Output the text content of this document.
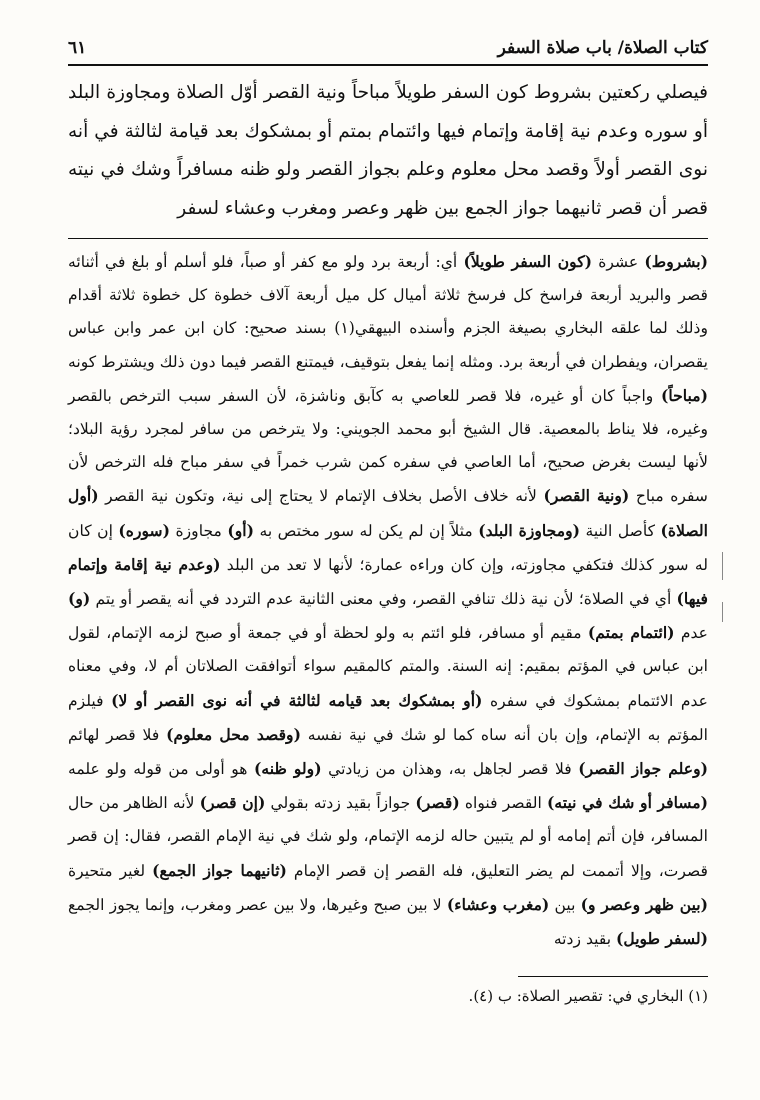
كتاب الصلاة/ باب صلاة السفر
٦١
فيصلي ركعتين بشروط كون السفر طويلاً مباحاً ونية القصر أوّل الصلاة ومجاوزة البلد أو سوره وعدم نية إقامة وإتمام فيها وائتمام بمتم أو بمشكوك بعد قيامة لثالثة في أنه نوى القصر أولاً وقصد محل معلوم وعلم بجواز القصر ولو ظنه مسافراً وشك في نيته قصر أن قصر ثانيهما جواز الجمع بين ظهر وعصر ومغرب وعشاء لسفر
(بشروط) عشرة (كون السفر طويلاً) أي: أربعة برد ولو مع كفر أو صباً، فلو أسلم أو بلغ في أثنائه قصر والبريد أربعة فراسخ كل فرسخ ثلاثة أميال كل ميل أربعة آلاف خطوة كل خطوة ثلاثة أقدام وذلك لما علقه البخاري بصيغة الجزم وأسنده البيهقي(١) بسند صحيح: كان ابن عمر وابن عباس يقصران، ويفطران في أربعة برد. ومثله إنما يفعل بتوقيف، فيمتنع القصر فيما دون ذلك ويشترط كونه (مباحاً) واجباً كان أو غيره، فلا قصر للعاصي به كآبق وناشزة، لأن السفر سبب الترخص بالقصر وغيره، فلا يناط بالمعصية. قال الشيخ أبو محمد الجويني: ولا يترخص من سافر لمجرد رؤية البلاد؛ لأنها ليست بغرض صحيح، أما العاصي في سفره كمن شرب خمراً في سفر مباح فله الترخص لأن سفره مباح (ونية القصر) لأنه خلاف الأصل بخلاف الإتمام لا يحتاج إلى نية، وتكون نية القصر (أول الصلاة) كأصل النية (ومجاوزة البلد) مثلاً إن لم يكن له سور مختص به (أو) مجاوزة (سوره) إن كان له سور كذلك فتكفي مجاوزته، وإن كان وراءه عمارة؛ لأنها لا تعد من البلد (وعدم نية إقامة وإتمام فيها) أي في الصلاة؛ لأن نية ذلك تنافي القصر، وفي معنى الثانية عدم التردد في أنه يقصر أو يتم (و) عدم (ائتمام بمتم) مقيم أو مسافر، فلو ائتم به ولو لحظة أو في جمعة أو صبح لزمه الإتمام، لقول ابن عباس في المؤتم بمقيم: إنه السنة. والمتم كالمقيم سواء أتوافقت الصلاتان أم لا، وفي معناه عدم الائتمام بمشكوك في سفره (أو بمشكوك بعد قيامه لثالثة في أنه نوى القصر أو لا) فيلزم المؤتم به الإتمام، وإن بان أنه ساه كما لو شك في نية نفسه (وقصد محل معلوم) فلا قصر لهائم (وعلم جواز القصر) فلا قصر لجاهل به، وهذان من زيادتي (ولو ظنه) هو أولى من قوله ولو علمه (مسافر أو شك في نيته) القصر فنواه (قصر) جوازاً بقيد زدته بقولي (إن قصر) لأنه الظاهر من حال المسافر، فإن أتم إمامه أو لم يتبين حاله لزمه الإتمام، ولو شك في نية الإمام القصر، فقال: إن قصر قصرت، وإلا أتممت لم يضر التعليق، فله القصر إن قصر الإمام (ثانيهما جواز الجمع) لغير متحيرة (بين ظهر وعصر و) بين (مغرب وعشاء) لا بين صبح وغيرها، ولا بين عصر ومغرب، وإنما يجوز الجمع (لسفر طويل) بقيد زدته
(١) البخاري في: تقصير الصلاة: ب (٤).
